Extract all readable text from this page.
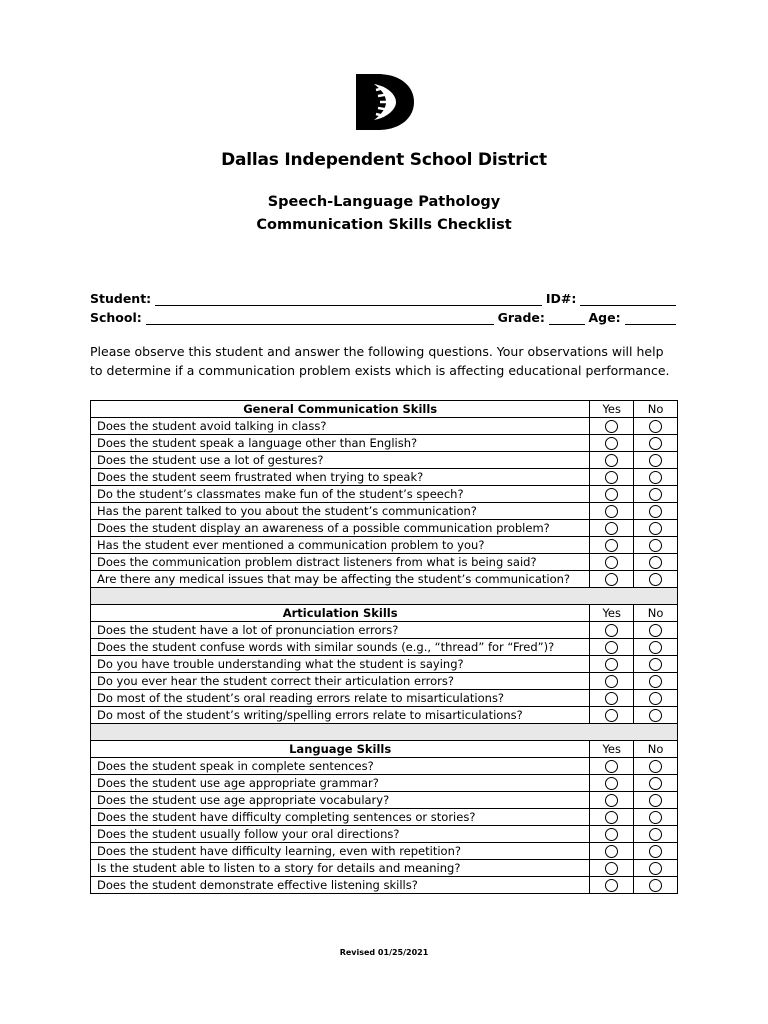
Dallas Independent School District
Speech-Language Pathology
Communication Skills Checklist
Student:	ID#:
School:	Grade:	Age:
Please observe this student and answer the following questions. Your observations will help to determine if a communication problem exists which is affecting educational performance.
General Communication Skills	Yes	No
Does the student avoid talking in class?		
Does the student speak a language other than English?		
Does the student use a lot of gestures?		
Does the student seem frustrated when trying to speak?		
Do the student’s classmates make fun of the student’s speech?		
Has the parent talked to you about the student’s communication?		
Does the student display an awareness of a possible communication problem?		
Has the student ever mentioned a communication problem to you?		
Does the communication problem distract listeners from what is being said?		
Are there any medical issues that may be affecting the student’s communication?		

Articulation Skills	Yes	No
Does the student have a lot of pronunciation errors?		
Does the student confuse words with similar sounds (e.g., “thread” for “Fred”)?		
Do you have trouble understanding what the student is saying?		
Do you ever hear the student correct their articulation errors?		
Do most of the student’s oral reading errors relate to misarticulations?		
Do most of the student’s writing/spelling errors relate to misarticulations?		

Language Skills	Yes	No
Does the student speak in complete sentences?		
Does the student use age appropriate grammar?		
Does the student use age appropriate vocabulary?		
Does the student have difficulty completing sentences or stories?		
Does the student usually follow your oral directions?		
Does the student have difficulty learning, even with repetition?		
Is the student able to listen to a story for details and meaning?		
Does the student demonstrate effective listening skills?		
Revised 01/25/2021
